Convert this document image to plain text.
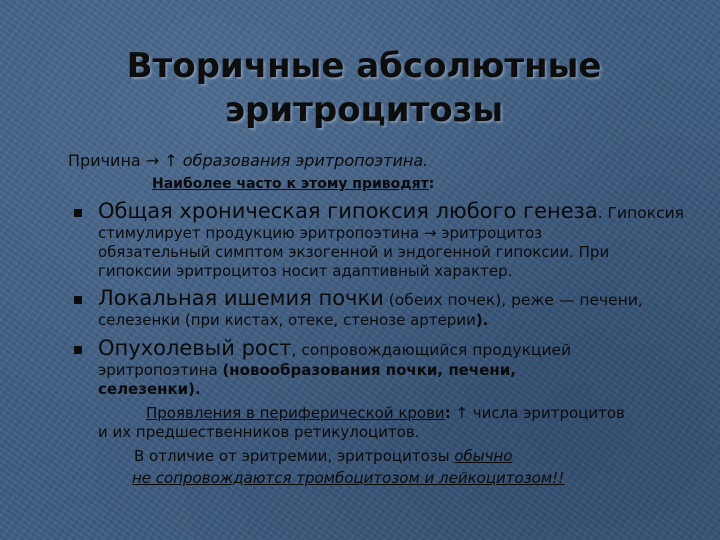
Вторичные абсолютные
эритроцитозы
Причина → ↑ образования эритропоэтина.
Наиболее часто к этому приводят:
Общая хроническая гипоксия любого генеза. Гипоксия
стимулирует продукцию эритропоэтина → эритроцитоз
обязательный симптом экзогенной и эндогенной гипоксии. При
гипоксии эритроцитоз носит адаптивный характер.
Локальная ишемия почки (обеих почек), реже — печени,
селезенки (при кистах, отеке, стенозе артерии).
Опухолевый рост, сопровождающийся продукцией
эритропоэтина (новообразования почки, печени,
селезенки).
Проявления в периферической крови: ↑ числа эритроцитов
и их предшественников ретикулоцитов.
В отличие от эритремии, эритроцитозы обычно
не сопровождаются тромбоцитозом и лейкоцитозом!!
